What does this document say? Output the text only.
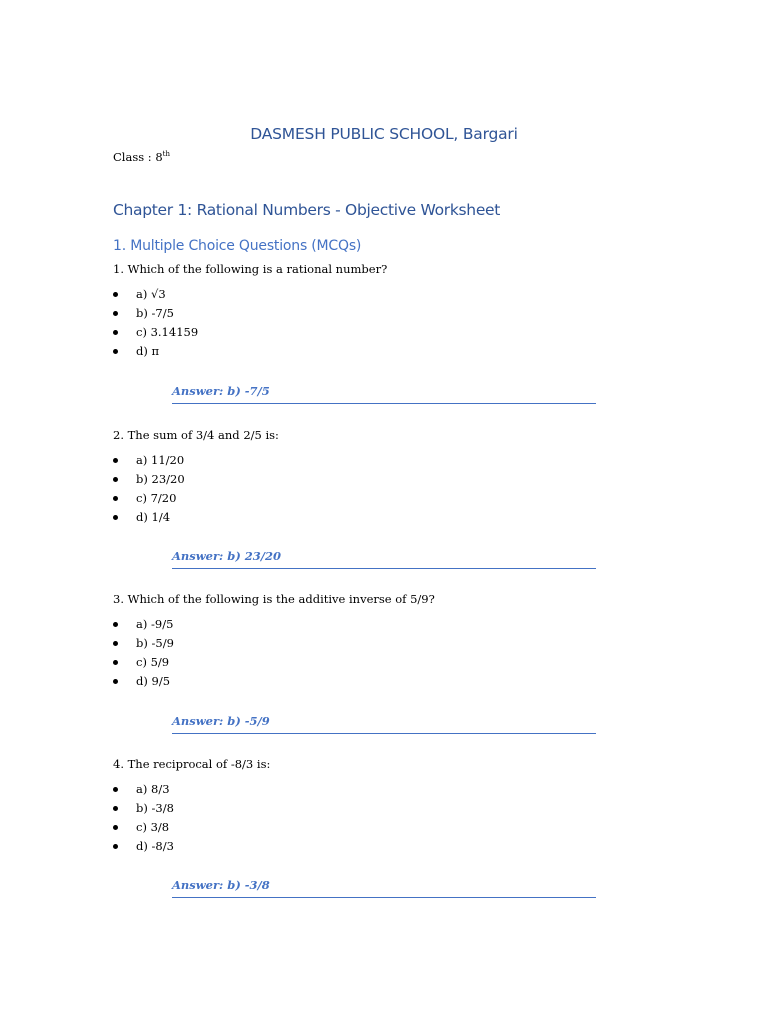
DASMESH PUBLIC SCHOOL, Bargari
Class : 8th
Chapter 1: Rational Numbers - Objective Worksheet
1. Multiple Choice Questions (MCQs)
1. Which of the following is a rational number?
a) √3
b) -7/5
c) 3.14159
d) π
Answer: b) -7/5
2. The sum of 3/4 and 2/5 is:
a) 11/20
b) 23/20
c) 7/20
d) 1/4
Answer: b) 23/20
3. Which of the following is the additive inverse of 5/9?
a) -9/5
b) -5/9
c) 5/9
d) 9/5
Answer: b) -5/9
4. The reciprocal of -8/3 is:
a) 8/3
b) -3/8
c) 3/8
d) -8/3
Answer: b) -3/8
